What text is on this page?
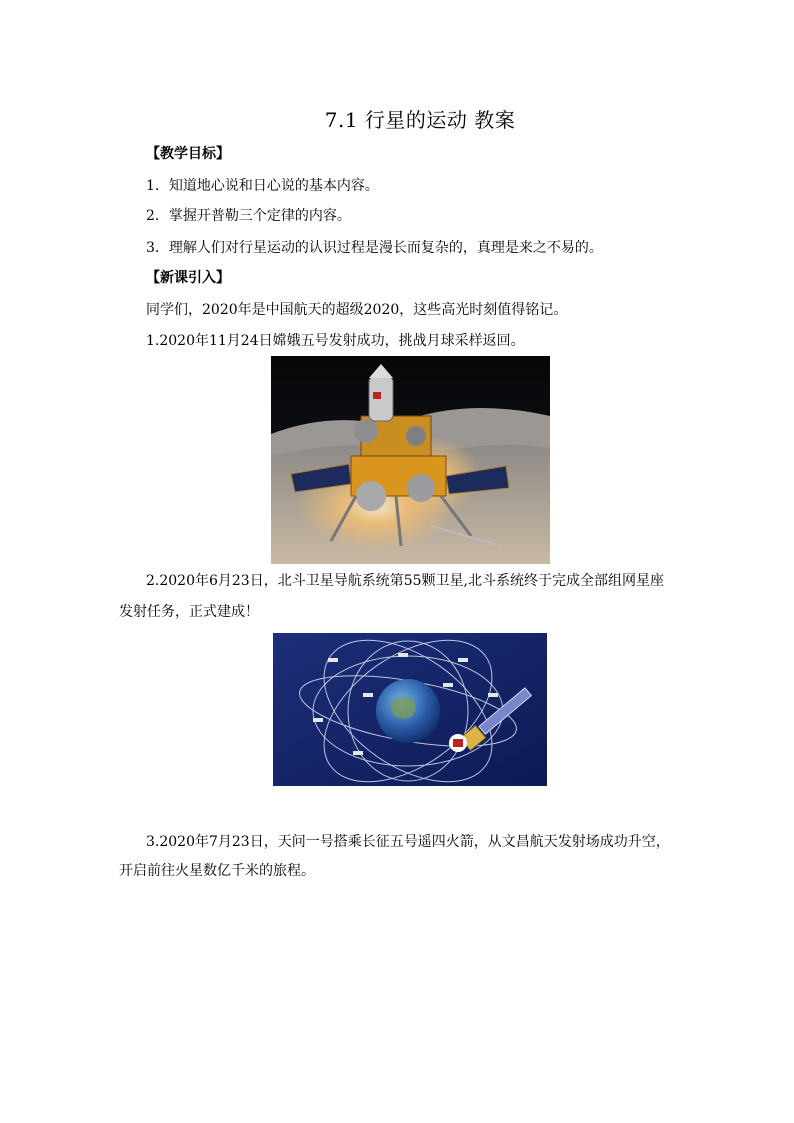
7.1 行星的运动 教案
【教学目标】
1．知道地心说和日心说的基本内容。
2．掌握开普勒三个定律的内容。
3．理解人们对行星运动的认识过程是漫长而复杂的，真理是来之不易的。
【新课引入】
同学们，2020年是中国航天的超级2020，这些高光时刻值得铭记。
1.2020年11月24日嫦娥五号发射成功，挑战月球采样返回。
2.2020年6月23日，北斗卫星导航系统第55颗卫星,北斗系统终于完成全部组网星座
发射任务，正式建成！
3.2020年7月23日，天问一号搭乘长征五号遥四火箭，从文昌航天发射场成功升空，
开启前往火星数亿千米的旅程。
